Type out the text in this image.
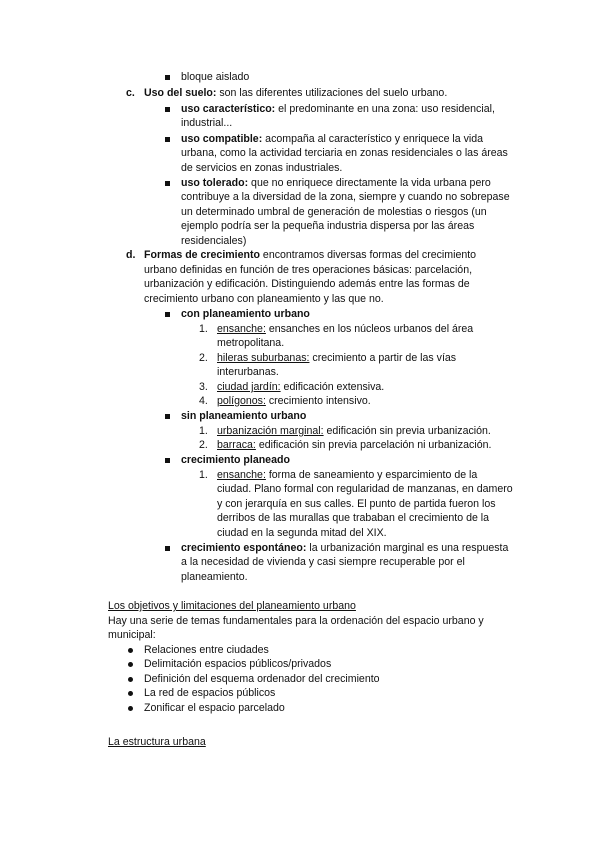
bloque aislado
c. Uso del suelo: son las diferentes utilizaciones del suelo urbano.
uso característico: el predominante en una zona: uso residencial,
industrial...
uso compatible: acompaña al característico y enriquece la vida
urbana, como la actividad terciaria en zonas residenciales o las áreas
de servicios en zonas industriales.
uso tolerado: que no enriquece directamente la vida urbana pero
contribuye a la diversidad de la zona, siempre y cuando no sobrepase
un determinado umbral de generación de molestias o riesgos (un
ejemplo podría ser la pequeña industria dispersa por las áreas
residenciales)
d. Formas de crecimiento encontramos diversas formas del crecimiento
urbano definidas en función de tres operaciones básicas: parcelación,
urbanización y edificación. Distinguiendo además entre las formas de
crecimiento urbano con planeamiento y las que no.
con planeamiento urbano
1. ensanche: ensanches en los núcleos urbanos del área
metropolitana.
2. hileras suburbanas: crecimiento a partir de las vías
interurbanas.
3. ciudad jardín: edificación extensiva.
4. polígonos: crecimiento intensivo.
sin planeamiento urbano
1. urbanización marginal: edificación sin previa urbanización.
2. barraca: edificación sin previa parcelación ni urbanización.
crecimiento planeado
1. ensanche: forma de saneamiento y esparcimiento de la
ciudad. Plano formal con regularidad de manzanas, en damero
y con jerarquía en sus calles. El punto de partida fueron los
derribos de las murallas que trababan el crecimiento de la
ciudad en la segunda mitad del XIX.
crecimiento espontáneo: la urbanización marginal es una respuesta
a la necesidad de vivienda y casi siempre recuperable por el
planeamiento.
Los objetivos y limitaciones del planeamiento urbano
Hay una serie de temas fundamentales para la ordenación del espacio urbano y
municipal:
Relaciones entre ciudades
Delimitación espacios públicos/privados
Definición del esquema ordenador del crecimiento
La red de espacios públicos
Zonificar el espacio parcelado
La estructura urbana
